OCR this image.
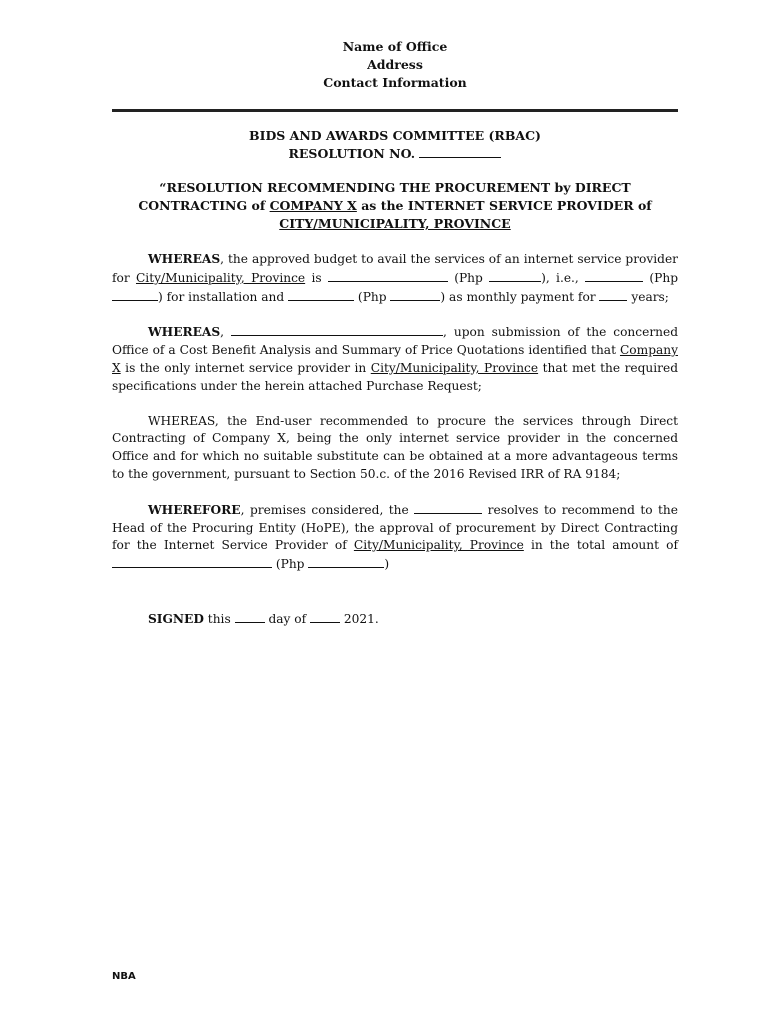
Name of Office
Address
Contact Information
BIDS AND AWARDS COMMITTEE (RBAC)
RESOLUTION NO.
“RESOLUTION RECOMMENDING THE PROCUREMENT by DIRECT
CONTRACTING of COMPANY X as the INTERNET SERVICE PROVIDER of
CITY/MUNICIPALITY, PROVINCE

WHEREAS, the approved budget to avail the services of an internet service provider for City/Municipality, Province is	(Php	), i.e.,	(Php ) for installation and	(Php	) as monthly payment for  years;

WHEREAS,	, upon submission of the concerned Office of a Cost Benefit Analysis and Summary of Price Quotations identified that Company X is the only internet service provider in City/Municipality, Province that met the required specifications under the herein attached Purchase Request;

WHEREAS, the End-user recommended to procure the services through Direct Contracting of Company X, being the only internet service provider in the concerned Office and for which no suitable substitute can be obtained at a more advantageous terms to the government, pursuant to Section 50.c. of the 2016 Revised IRR of RA 9184;

WHEREFORE, premises considered, the	resolves to recommend to the Head of the Procuring Entity (HoPE), the approval of procurement by Direct Contracting for the Internet Service Provider of City/Municipality, Province in the total amount of  (Php	)

SIGNED this  day of  2021.

NBA
